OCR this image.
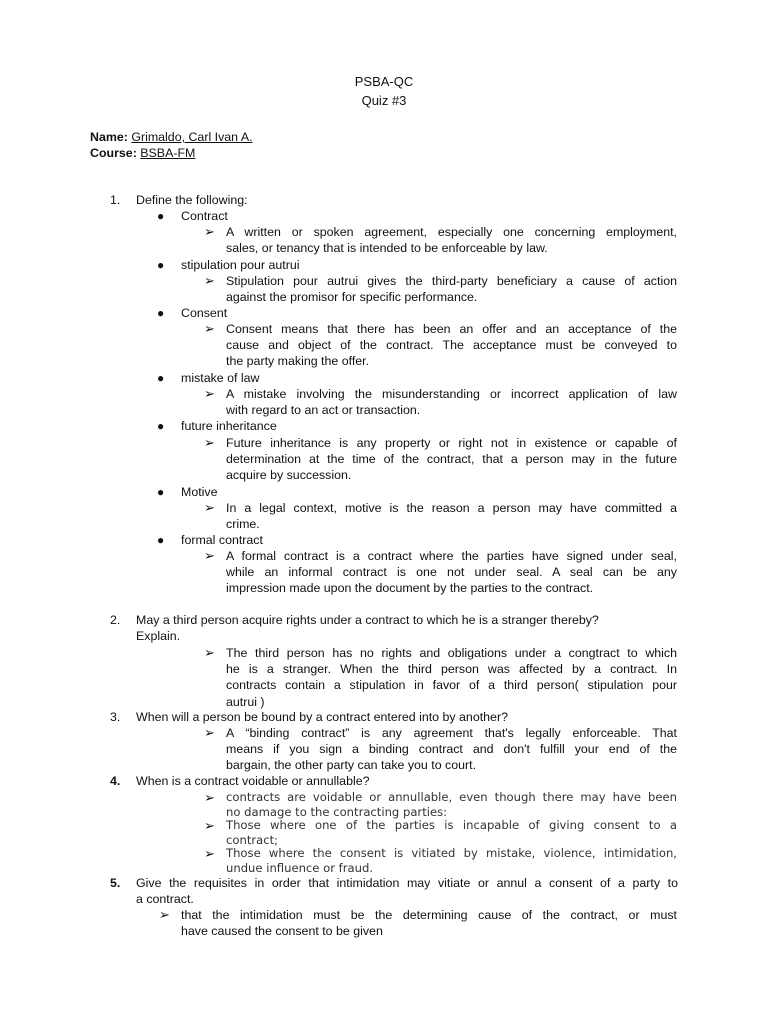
PSBA-QC
Quiz #3
Name: Grimaldo, Carl Ivan A.
Course: BSBA-FM
1.	Define the following:
● Contract
➢ A written or spoken agreement, especially one concerning employment,
sales, or tenancy that is intended to be enforceable by law.
● stipulation pour autrui
➢ Stipulation pour autrui gives the third-party beneficiary a cause of action
against the promisor for specific performance.
● Consent
➢ Consent means that there has been an offer and an acceptance of the
cause and object of the contract. The acceptance must be conveyed to
the party making the offer.
● mistake of law
➢ A mistake involving the misunderstanding or incorrect application of law
with regard to an act or transaction.
● future inheritance
➢ Future inheritance is any property or right not in existence or capable of
determination at the time of the contract, that a person may in the future
acquire by succession.
● Motive
➢ In a legal context, motive is the reason a person may have committed a
crime.
● formal contract
➢ A formal contract is a contract where the parties have signed under seal,
while an informal contract is one not under seal. A seal can be any
impression made upon the document by the parties to the contract.
2.	May a third person acquire rights under a contract to which he is a stranger thereby?
Explain.
➢ The third person has no rights and obligations under a congtract to which
he is a stranger. When the third person was affected by a contract. In
contracts contain a stipulation in favor of a third person( stipulation pour
autrui )
3.	When will a person be bound by a contract entered into by another?
➢ A “binding contract” is any agreement that's legally enforceable. That
means if you sign a binding contract and don't fulfill your end of the
bargain, the other party can take you to court.
4.	When is a contract voidable or annullable?
➢ contracts are voidable or annullable, even though there may have been
no damage to the contracting parties:
➢ Those where one of the parties is incapable of giving consent to a
contract;
➢ Those where the consent is vitiated by mistake, violence, intimidation,
undue influence or fraud.
5.	Give the requisites in order that intimidation may vitiate or annul a consent of a party to
a contract.
➢ that the intimidation must be the determining cause of the contract, or must
have caused the consent to be given
